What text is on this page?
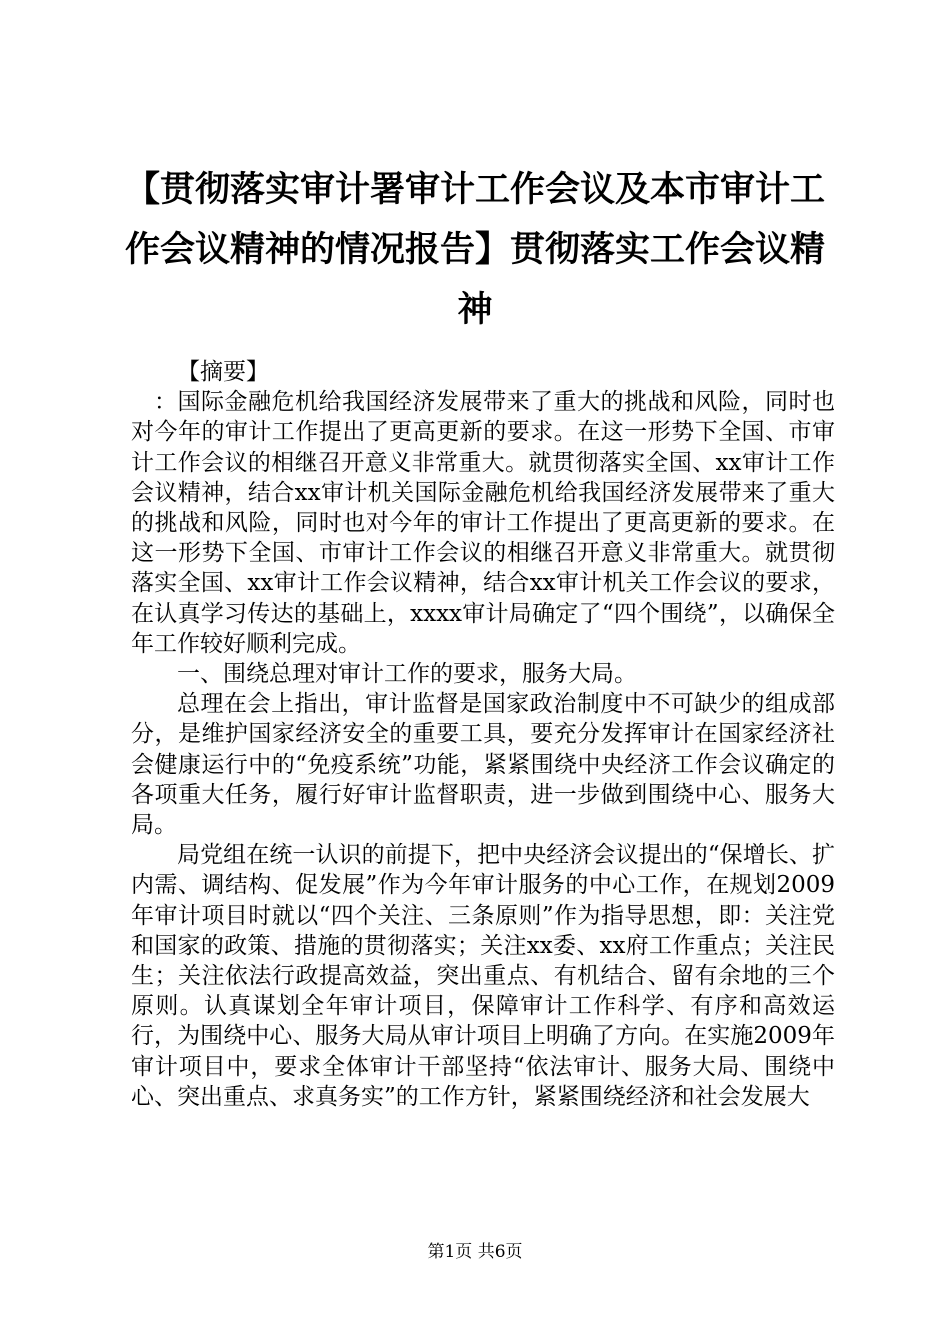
【贯彻落实审计署审计工作会议及本市审计工作会议精神的情况报告】贯彻落实工作会议精神

【摘要】

：国际金融危机给我国经济发展带来了重大的挑战和风险，同时也对今年的审计工作提出了更高更新的要求。在这一形势下全国、市审计工作会议的相继召开意义非常重大。就贯彻落实全国、xx审计工作会议精神，结合xx审计机关国际金融危机给我国经济发展带来了重大的挑战和风险，同时也对今年的审计工作提出了更高更新的要求。在这一形势下全国、市审计工作会议的相继召开意义非常重大。就贯彻落实全国、xx审计工作会议精神，结合xx审计机关工作会议的要求，在认真学习传达的基础上，xxxx审计局确定了“四个围绕”，以确保全年工作较好顺利完成。

一、围绕总理对审计工作的要求，服务大局。

总理在会上指出，审计监督是国家政治制度中不可缺少的组成部分，是维护国家经济安全的重要工具，要充分发挥审计在国家经济社会健康运行中的“免疫系统”功能，紧紧围绕中央经济工作会议确定的各项重大任务，履行好审计监督职责，进一步做到围绕中心、服务大局。

局党组在统一认识的前提下，把中央经济会议提出的“保增长、扩内需、调结构、促发展”作为今年审计服务的中心工作，在规划2009年审计项目时就以“四个关注、三条原则”作为指导思想，即：关注党和国家的政策、措施的贯彻落实；关注xx委、xx府工作重点；关注民生；关注依法行政提高效益，突出重点、有机结合、留有余地的三个原则。认真谋划全年审计项目，保障审计工作科学、有序和高效运行，为围绕中心、服务大局从审计项目上明确了方向。在实施2009年审计项目中，要求全体审计干部坚持“依法审计、服务大局、围绕中心、突出重点、求真务实”的工作方针，紧紧围绕经济和社会发展大

第1页 共6页
